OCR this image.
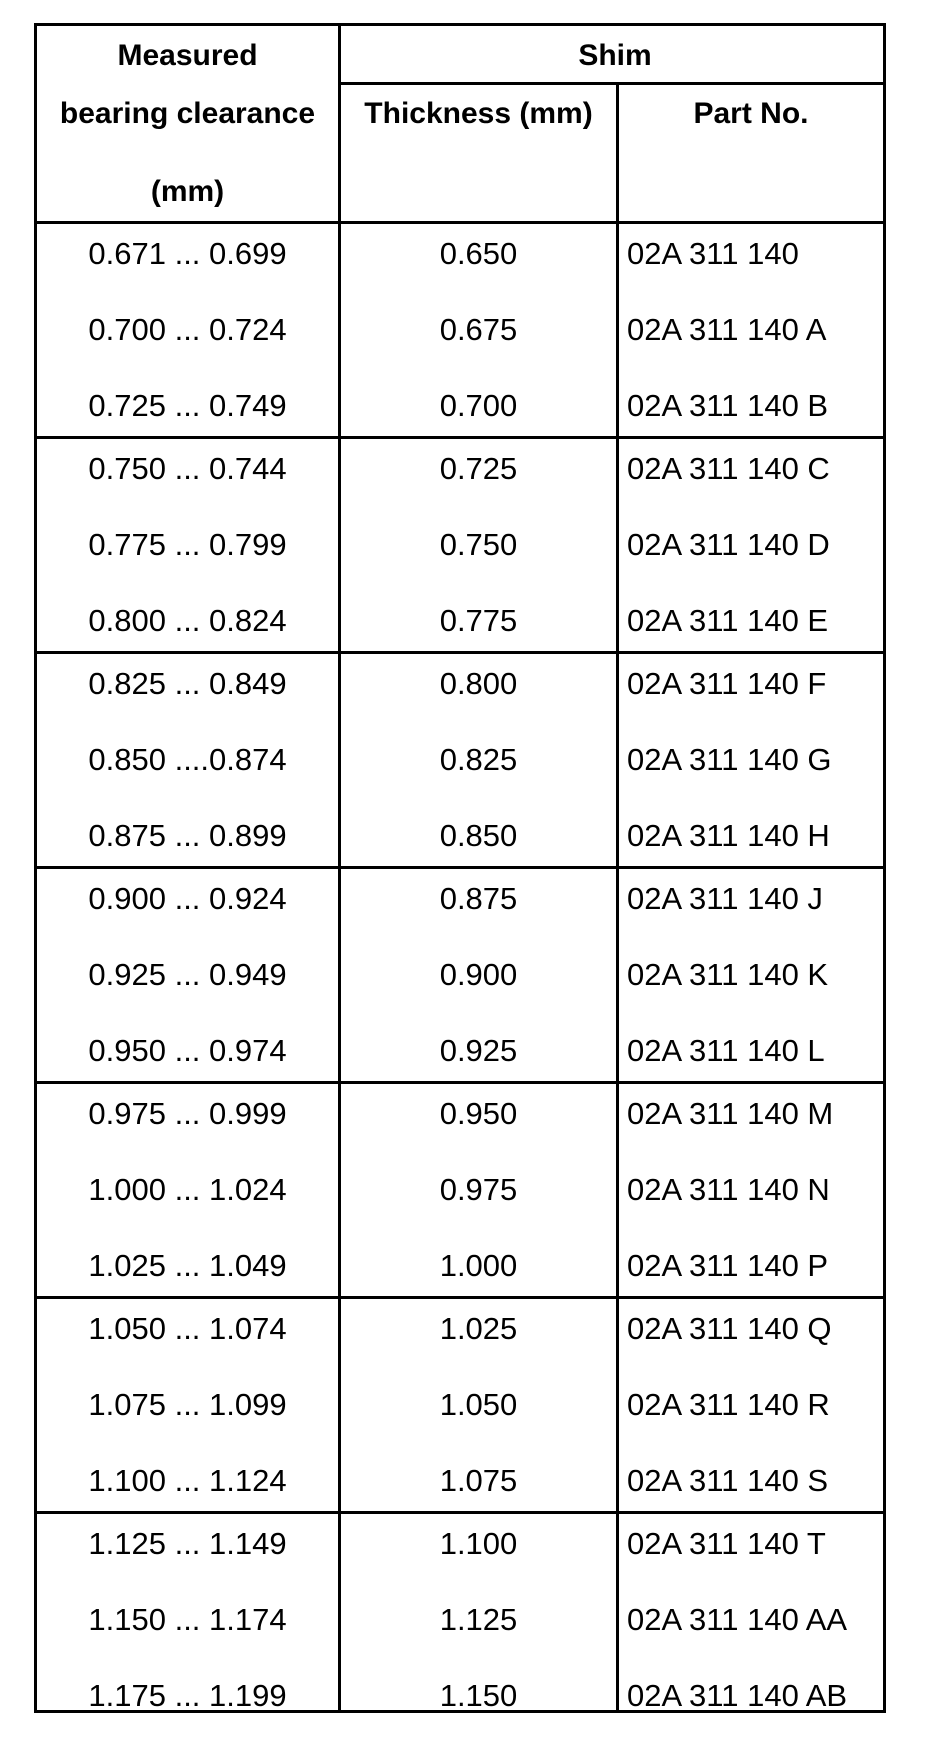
Measured
bearing clearance
(mm)
Shim
Thickness (mm)	Part No.
0.671 ... 0.699	0.650	02A 311 140
0.700 ... 0.724	0.675	02A 311 140 A
0.725 ... 0.749	0.700	02A 311 140 B
0.750 ... 0.744	0.725	02A 311 140 C
0.775 ... 0.799	0.750	02A 311 140 D
0.800 ... 0.824	0.775	02A 311 140 E
0.825 ... 0.849	0.800	02A 311 140 F
0.850 ....0.874	0.825	02A 311 140 G
0.875 ... 0.899	0.850	02A 311 140 H
0.900 ... 0.924	0.875	02A 311 140 J
0.925 ... 0.949	0.900	02A 311 140 K
0.950 ... 0.974	0.925	02A 311 140 L
0.975 ... 0.999	0.950	02A 311 140 M
1.000 ... 1.024	0.975	02A 311 140 N
1.025 ... 1.049	1.000	02A 311 140 P
1.050 ... 1.074	1.025	02A 311 140 Q
1.075 ... 1.099	1.050	02A 311 140 R
1.100 ... 1.124	1.075	02A 311 140 S
1.125 ... 1.149	1.100	02A 311 140 T
1.150 ... 1.174	1.125	02A 311 140 AA
1.175 ... 1.199	1.150	02A 311 140 AB
